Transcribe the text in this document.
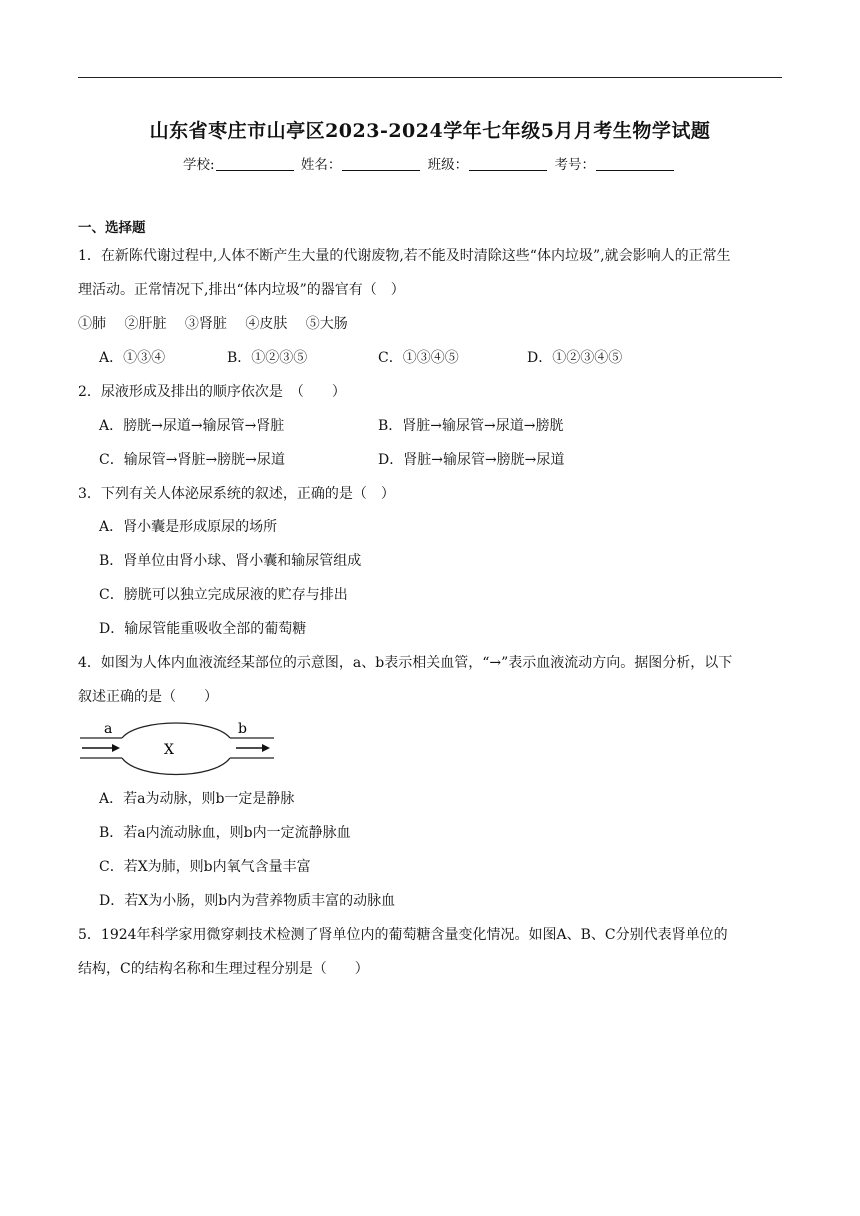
山东省枣庄市山亭区2023-2024学年七年级5月月考生物学试题
学校:	姓名：	班级：	考号：
一、选择题
1．在新陈代谢过程中,人体不断产生大量的代谢废物,若不能及时清除这些“体内垃圾”,就会影响人的正常生
理活动。正常情况下,排出“体内垃圾”的器官有（　）
①肺　 ②肝脏　 ③肾脏　 ④皮肤　 ⑤大肠
A．①③④	B．①②③⑤	C．①③④⑤	D．①②③④⑤
2．尿液形成及排出的顺序依次是　（　　）
A．膀胱→尿道→输尿管→肾脏	B．肾脏→输尿管→尿道→膀胱
C．输尿管→肾脏→膀胱→尿道	D．肾脏→输尿管→膀胱→尿道
3．下列有关人体泌尿系统的叙述，正确的是（　）
A．肾小囊是形成原尿的场所
B．肾单位由肾小球、肾小囊和输尿管组成
C．膀胱可以独立完成尿液的贮存与排出
D．输尿管能重吸收全部的葡萄糖
4．如图为人体内血液流经某部位的示意图，a、b表示相关血管，“→”表示血液流动方向。据图分析，以下
叙述正确的是（　　）
a	b
X
A．若a为动脉，则b一定是静脉
B．若a内流动脉血，则b内一定流静脉血
C．若X为肺，则b内氧气含量丰富
D．若X为小肠，则b内为营养物质丰富的动脉血
5．1924年科学家用微穿刺技术检测了肾单位内的葡萄糖含量变化情况。如图A、B、C分别代表肾单位的
结构，C的结构名称和生理过程分别是（　　）
